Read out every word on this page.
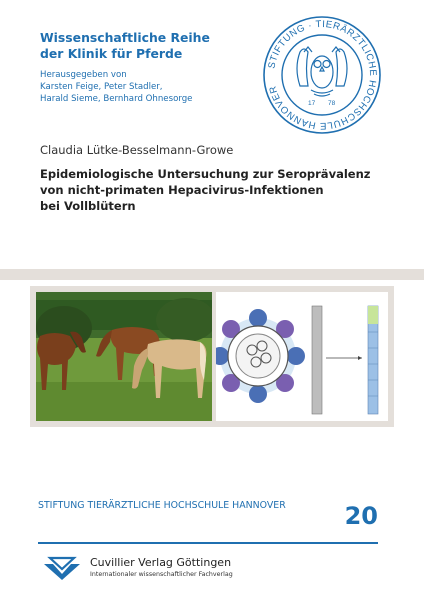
Wissenschaftliche Reihe
der Klinik für Pferde
Herausgegeben von
Karsten Feige, Peter Stadler,
Harald Sieme, Bernhard Ohnesorge
STIFTUNG · TIERÄRZTLICHE HOCHSCHULE HANNOVER
17 78
Claudia Lütke-Besselmann-Growe
Epidemiologische Untersuchung zur Seroprävalenz
von nicht-primaten Hepacivirus-Infektionen
bei Vollblütern
STIFTUNG TIERÄRZTLICHE HOCHSCHULE HANNOVER	20
Cuvillier Verlag Göttingen
Internationaler wissenschaftlicher Fachverlag
